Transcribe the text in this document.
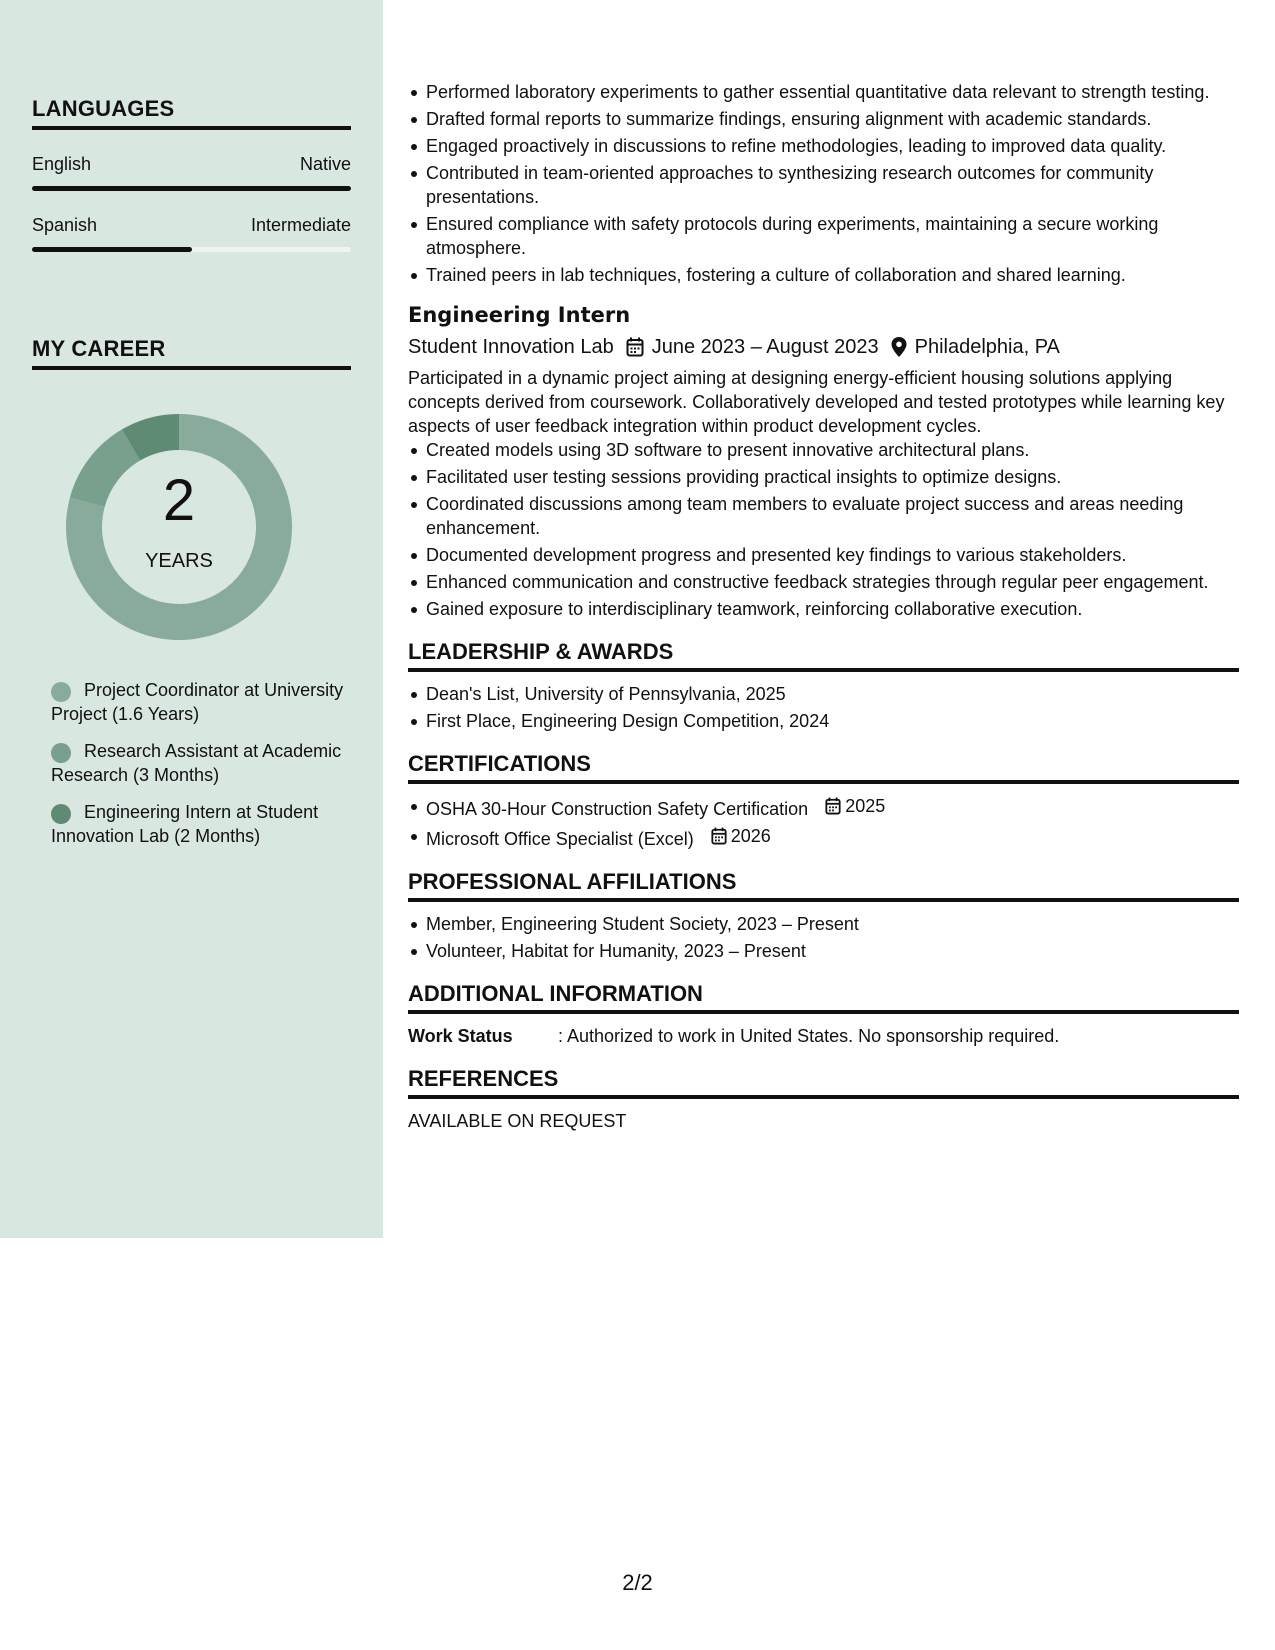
LANGUAGES
English	Native
Spanish	Intermediate
MY CAREER
2
YEARS
Project Coordinator at University Project (1.6 Years)
Research Assistant at Academic Research (3 Months)
Engineering Intern at Student Innovation Lab (2 Months)
Performed laboratory experiments to gather essential quantitative data relevant to strength testing.
Drafted formal reports to summarize findings, ensuring alignment with academic standards.
Engaged proactively in discussions to refine methodologies, leading to improved data quality.
Contributed in team-oriented approaches to synthesizing research outcomes for community presentations.
Ensured compliance with safety protocols during experiments, maintaining a secure working atmosphere.
Trained peers in lab techniques, fostering a culture of collaboration and shared learning.
Engineering Intern
Student Innovation Lab June 2023 – August 2023 Philadelphia, PA
Participated in a dynamic project aiming at designing energy-efficient housing solutions applying concepts derived from coursework. Collaboratively developed and tested prototypes while learning key aspects of user feedback integration within product development cycles.
Created models using 3D software to present innovative architectural plans.
Facilitated user testing sessions providing practical insights to optimize designs.
Coordinated discussions among team members to evaluate project success and areas needing enhancement.
Documented development progress and presented key findings to various stakeholders.
Enhanced communication and constructive feedback strategies through regular peer engagement.
Gained exposure to interdisciplinary teamwork, reinforcing collaborative execution.
LEADERSHIP & AWARDS
Dean's List, University of Pennsylvania, 2025
First Place, Engineering Design Competition, 2024
CERTIFICATIONS
OSHA 30-Hour Construction Safety Certification 2025
Microsoft Office Specialist (Excel) 2026
PROFESSIONAL AFFILIATIONS
Member, Engineering Student Society, 2023 – Present
Volunteer, Habitat for Humanity, 2023 – Present
ADDITIONAL INFORMATION
Work Status	: Authorized to work in United States. No sponsorship required.
REFERENCES
AVAILABLE ON REQUEST
2/2
